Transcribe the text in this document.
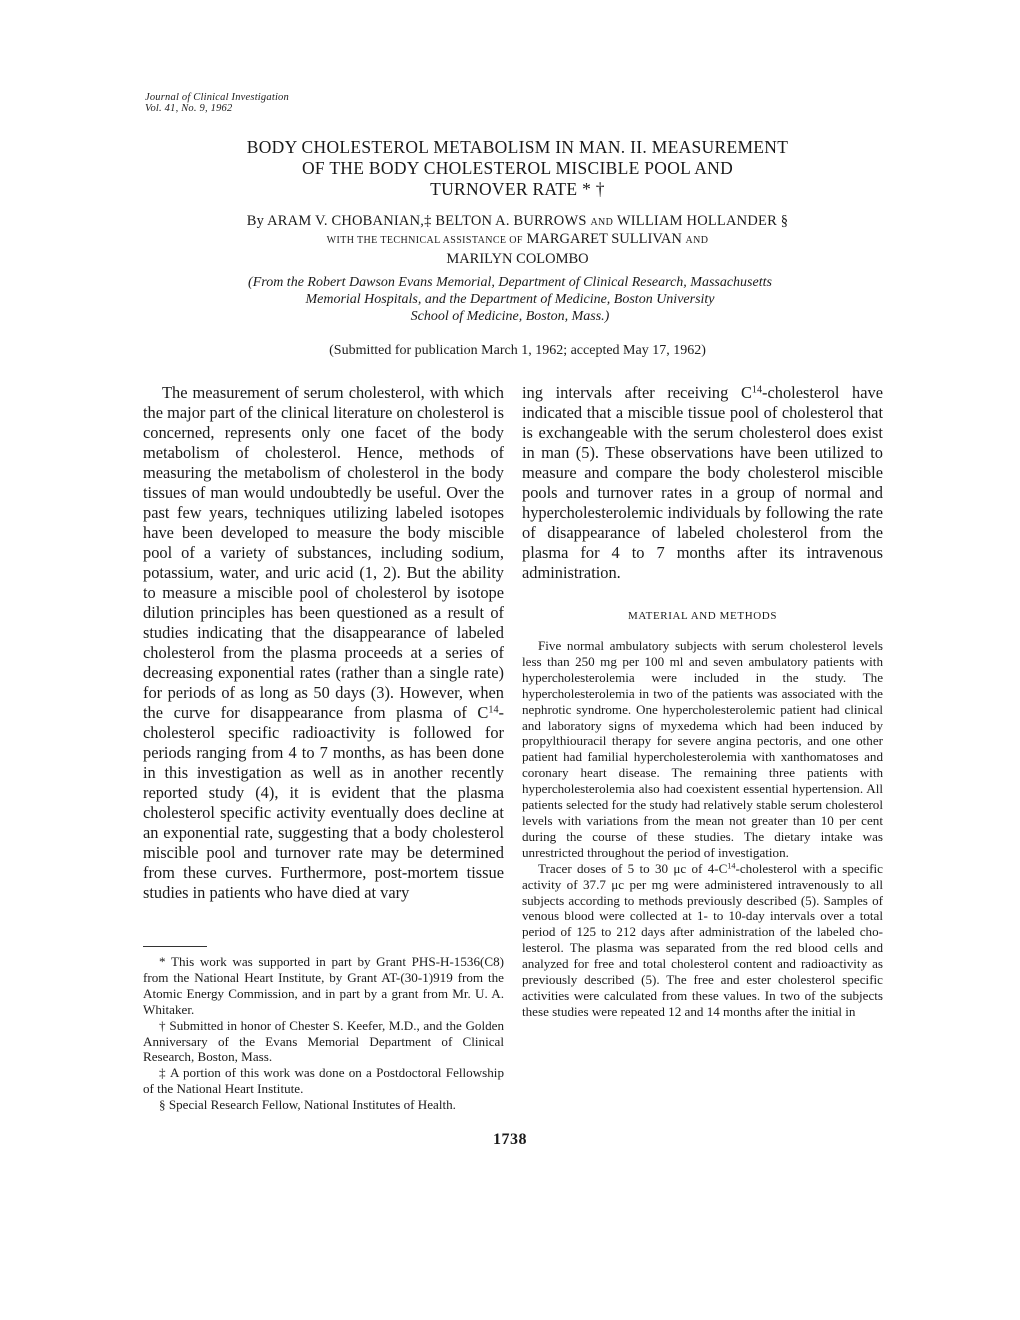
Journal of Clinical Investigation
Vol. 41, No. 9, 1962
BODY CHOLESTEROL METABOLISM IN MAN. II. MEASUREMENT
OF THE BODY CHOLESTEROL MISCIBLE POOL AND
TURNOVER RATE * †
By ARAM V. CHOBANIAN,‡ BELTON A. BURROWS AND WILLIAM HOLLANDER §
WITH THE TECHNICAL ASSISTANCE OF MARGARET SULLIVAN AND
MARILYN COLOMBO
(From the Robert Dawson Evans Memorial, Department of Clinical Research, Massachusetts
Memorial Hospitals, and the Department of Medicine, Boston University
School of Medicine, Boston, Mass.)
(Submitted for publication March 1, 1962; accepted May 17, 1962)

The measurement of serum cholesterol, with which the major part of the clinical literature on cholesterol is concerned, represents only one facet of the body metabolism of cholesterol. Hence, methods of measuring the metabolism of cholesterol in the body tissues of man would undoubtedly be useful. Over the past few years, techniques utilizing labeled isotopes have been developed to measure the body miscible pool of a variety of substances, including sodium, potassium, water, and uric acid (1, 2). But the ability to measure a miscible pool of cholesterol by isotope dilution principles has been questioned as a result of studies indicating that the disappearance of labeled cholesterol from the plasma proceeds at a series of decreasing exponential rates (rather than a single rate) for periods of as long as 50 days (3). However, when the curve for disappearance from plasma of $C^{14}$-cholesterol specific radioactivity is followed for periods ranging from 4 to 7 months, as has been done in this investigation as well as in another recently reported study (4), it is evident that the plasma cholesterol specific activity eventually does decline at an exponential rate, suggesting that a body cholesterol miscible pool and turnover rate may be determined from these curves. Furthermore, post-mortem tissue studies in patients who have died at vary

ing intervals after receiving $C^{14}$-cholesterol have indicated that a miscible tissue pool of cholesterol that is exchangeable with the serum cholesterol does exist in man (5). These observations have been utilized to measure and compare the body cholesterol miscible pools and turnover rates in a group of normal and hypercholesterolemic individuals by following the rate of disappearance of labeled cholesterol from the plasma for 4 to 7 months after its intravenous administration.

MATERIAL AND METHODS

Five normal ambulatory subjects with serum cholesterol levels less than 250 mg per 100 ml and seven ambulatory patients with hypercholesterolemia were included in the study. The hypercholesterolemia in two of the patients was associated with the nephrotic syndrome. One hypercholesterolemic patient had clinical and laboratory signs of myxedema which had been induced by propylthiouracil therapy for severe angina pectoris, and one other patient had familial hypercholesterolemia with xanthomatoses and coronary heart disease. The remaining three patients with hypercholesterolemia also had coexistent essential hypertension. All patients selected for the study had relatively stable serum cholesterol levels with variations from the mean not greater than 10 per cent during the course of these studies. The dietary intake was unrestricted throughout the period of investigation.

Tracer doses of 5 to 30 μc of $4-C^{14}$-cholesterol with a specific activity of 37.7 μc per mg were administered intravenously to all subjects according to methods previously described (5). Samples of venous blood were collected at 1- to 10-day intervals over a total period of 125 to 212 days after administration of the labeled cholesterol. The plasma was separated from the red blood cells and analyzed for free and total cholesterol content and radioactivity as previously described (5). The free and ester cholesterol specific activities were calculated from these values. In two of the subjects these studies were repeated 12 and 14 months after the initial in

* This work was supported in part by Grant PHS-H-1536(C8) from the National Heart Institute, by Grant AT-(30-1)919 from the Atomic Energy Commission, and in part by a grant from Mr. U. A. Whitaker.

† Submitted in honor of Chester S. Keefer, M.D., and the Golden Anniversary of the Evans Memorial Department of Clinical Research, Boston, Mass.

‡ A portion of this work was done on a Postdoctoral Fellowship of the National Heart Institute.

§ Special Research Fellow, National Institutes of Health.

1738
